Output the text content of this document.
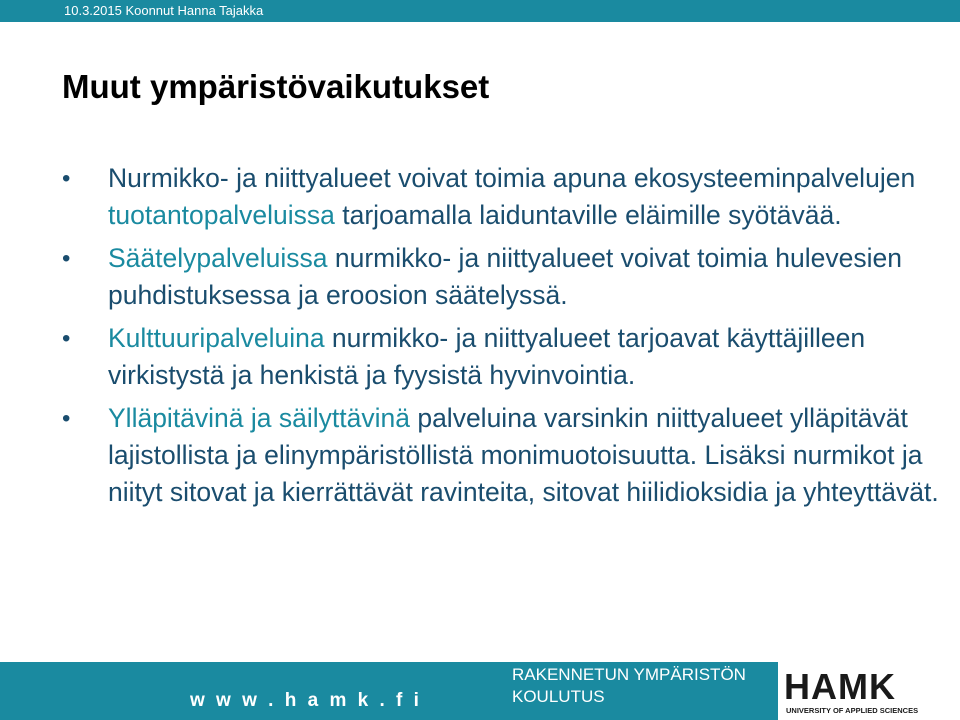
10.3.2015 Koonnut Hanna Tajakka
Muut ympäristövaikutukset
• Nurmikko- ja niittyalueet voivat toimia apuna ekosysteeminpalvelujen tuotantopalveluissa tarjoamalla laiduntaville eläimille syötävää.
• Säätelypalveluissa nurmikko- ja niittyalueet voivat toimia hulevesien puhdistuksessa ja eroosion säätelyssä.
• Kulttuuripalveluina nurmikko- ja niittyalueet tarjoavat käyttäjilleen virkistystä ja henkistä ja fyysistä hyvinvointia.
• Ylläpitävinä ja säilyttävinä palveluina varsinkin niittyalueet ylläpitävät lajistollista ja elinympäristöllistä monimuotoisuutta. Lisäksi nurmikot ja niityt sitovat ja kierrättävät ravinteita, sitovat hiilidioksidia ja yhteyttävät.
w w w . h a m k . f i
RAKENNETUN YMPÄRISTÖN
KOULUTUS	HAMK
UNIVERSITY OF APPLIED SCIENCES
